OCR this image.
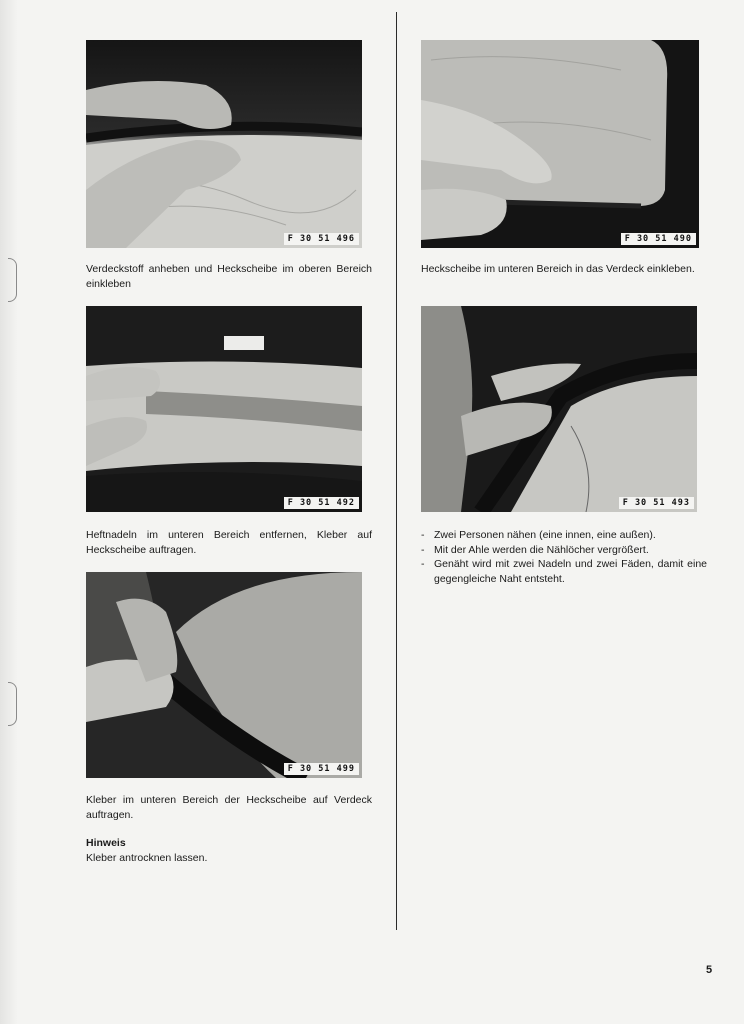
F 30 51 496
Verdeckstoff anheben und Heckscheibe im oberen Bereich einkleben
F 30 51 490
Heckscheibe im unteren Bereich in das Verdeck einkleben.
F 30 51 492
Heftnadeln im unteren Bereich entfernen, Kleber auf Heckscheibe auftragen.
F 30 51 493
- Zwei Personen nähen (eine innen, eine außen).
- Mit der Ahle werden die Nählöcher vergrößert.
- Genäht wird mit zwei Nadeln und zwei Fäden, damit eine gegengleiche Naht entsteht.
F 30 51 499
Kleber im unteren Bereich der Heckscheibe auf Verdeck auftragen.
Hinweis
Kleber antrocknen lassen.
5
